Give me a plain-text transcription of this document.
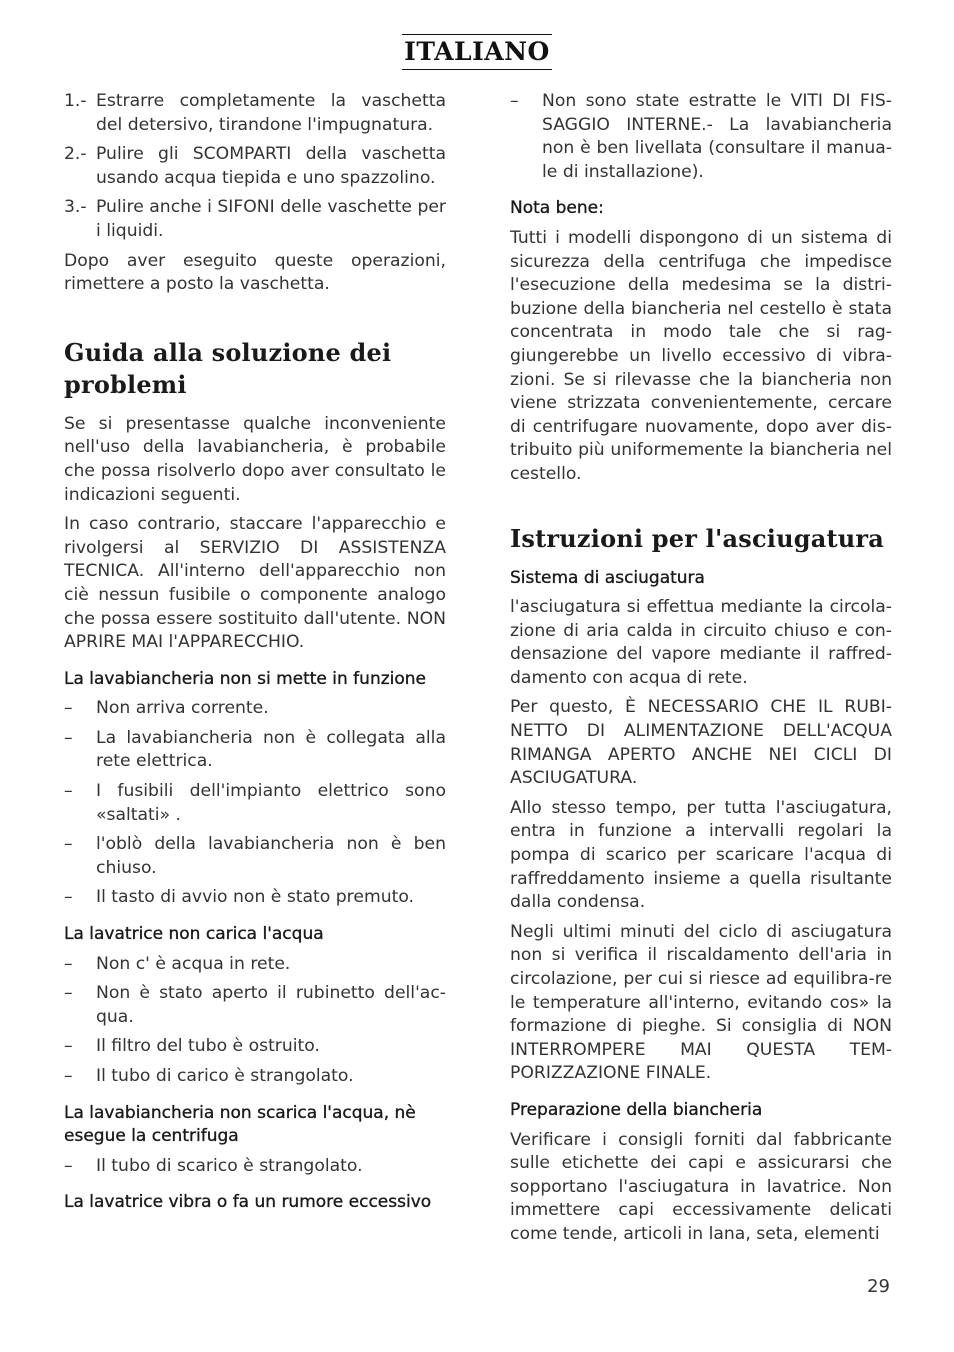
ITALIANO
1.- Estrarre completamente la vaschetta del detersivo, tirandone l'impugnatura.
2.- Pulire gli SCOMPARTI della vaschetta usando acqua tiepida e uno spazzolino.
3.- Pulire anche i SIFONI delle vaschette per i liquidi.

Dopo aver eseguito queste operazioni, rimettere a posto la vaschetta.

Guida alla soluzione dei problemi

Se si presentasse qualche inconveniente nell'uso della lavabiancheria, è probabile che possa risolverlo dopo aver consultato le indicazioni seguenti.

In caso contrario, staccare l'apparecchio e rivolgersi al SERVIZIO DI ASSISTENZA TECNICA. All'interno dell'apparecchio non ciè nessun fusibile o componente analogo che possa essere sostituito dall'utente. NON APRIRE MAI l'APPARECCHIO.

La lavabiancheria non si mette in funzione
– Non arriva corrente.
– La lavabiancheria non è collegata alla rete elettrica.
– I fusibili dell'impianto elettrico sono «saltati» .
– l'oblò della lavabiancheria non è ben chiuso.
– Il tasto di avvio non è stato premuto.
La lavatrice non carica l'acqua
– Non c' è acqua in rete.
– Non è stato aperto il rubinetto dell'ac-qua.
– Il filtro del tubo è ostruito.
– Il tubo di carico è strangolato.
La lavabiancheria non scarica l'acqua, nè esegue la centrifuga
– Il tubo di scarico è strangolato.
La lavatrice vibra o fa un rumore eccessivo
– Non sono state estratte le VITI DI FIS-SAGGIO INTERNE.- La lavabiancheria non è ben livellata (consultare il manua-le di installazione).
Nota bene:

Tutti i modelli dispongono di un sistema di sicurezza della centrifuga che impedisce l'esecuzione della medesima se la distri-buzione della biancheria nel cestello è stata concentrata in modo tale che si rag-giungerebbe un livello eccessivo di vibra-zioni. Se si rilevasse che la biancheria non viene strizzata convenientemente, cercare di centrifugare nuovamente, dopo aver dis-tribuito più uniformemente la biancheria nel cestello.

Istruzioni per l'asciugatura
Sistema di asciugatura

l'asciugatura si effettua mediante la circola-zione di aria calda in circuito chiuso e con-densazione del vapore mediante il raffred-damento con acqua di rete.

Per questo, È NECESSARIO CHE IL RUBI-NETTO DI ALIMENTAZIONE DELL'ACQUA RIMANGA APERTO ANCHE NEI CICLI DI ASCIUGATURA.

Allo stesso tempo, per tutta l'asciugatura, entra in funzione a intervalli regolari la pompa di scarico per scaricare l'acqua di raffreddamento insieme a quella risultante dalla condensa.

Negli ultimi minuti del ciclo di asciugatura non si verifica il riscaldamento dell'aria in circolazione, per cui si riesce ad equilibra-re le temperature all'interno, evitando cos» la formazione di pieghe. Si consiglia di NON INTERROMPERE MAI QUESTA TEM-PORIZZAZIONE FINALE.

Preparazione della biancheria

Verificare i consigli forniti dal fabbricante sulle etichette dei capi e assicurarsi che sopportano l'asciugatura in lavatrice. Non immettere capi eccessivamente delicati come tende, articoli in lana, seta, elementi

29
